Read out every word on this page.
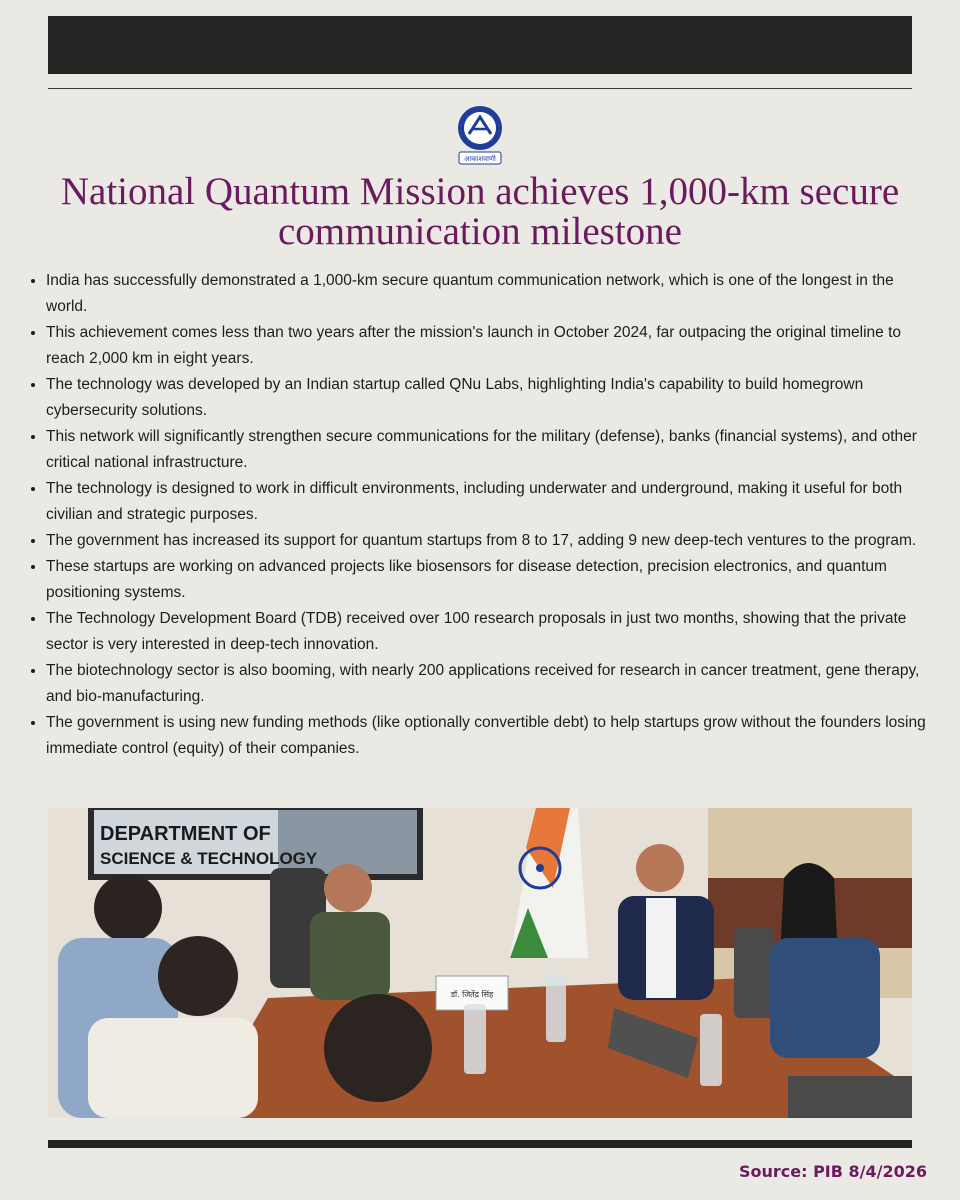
आकाशवाणी
National Quantum Mission achieves 1,000-km secure communication milestone
• India has successfully demonstrated a 1,000-km secure quantum communication network, which is one of the longest in the world.
• This achievement comes less than two years after the mission's launch in October 2024, far outpacing the original timeline to reach 2,000 km in eight years.
• The technology was developed by an Indian startup called QNu Labs, highlighting India's capability to build homegrown cybersecurity solutions.
• This network will significantly strengthen secure communications for the military (defense), banks (financial systems), and other critical national infrastructure.
• The technology is designed to work in difficult environments, including underwater and underground, making it useful for both civilian and strategic purposes.
• The government has increased its support for quantum startups from 8 to 17, adding 9 new deep-tech ventures to the program.
• These startups are working on advanced projects like biosensors for disease detection, precision electronics, and quantum positioning systems.
• The Technology Development Board (TDB) received over 100 research proposals in just two months, showing that the private sector is very interested in deep-tech innovation.
• The biotechnology sector is also booming, with nearly 200 applications received for research in cancer treatment, gene therapy, and bio-manufacturing.
• The government is using new funding methods (like optionally convertible debt) to help startups grow without the founders losing immediate control (equity) of their companies.
DEPARTMENT OF
SCIENCE & TECHNOLOGY
डॉ. जितेंद्र सिंह
Source: PIB 8/4/2026
